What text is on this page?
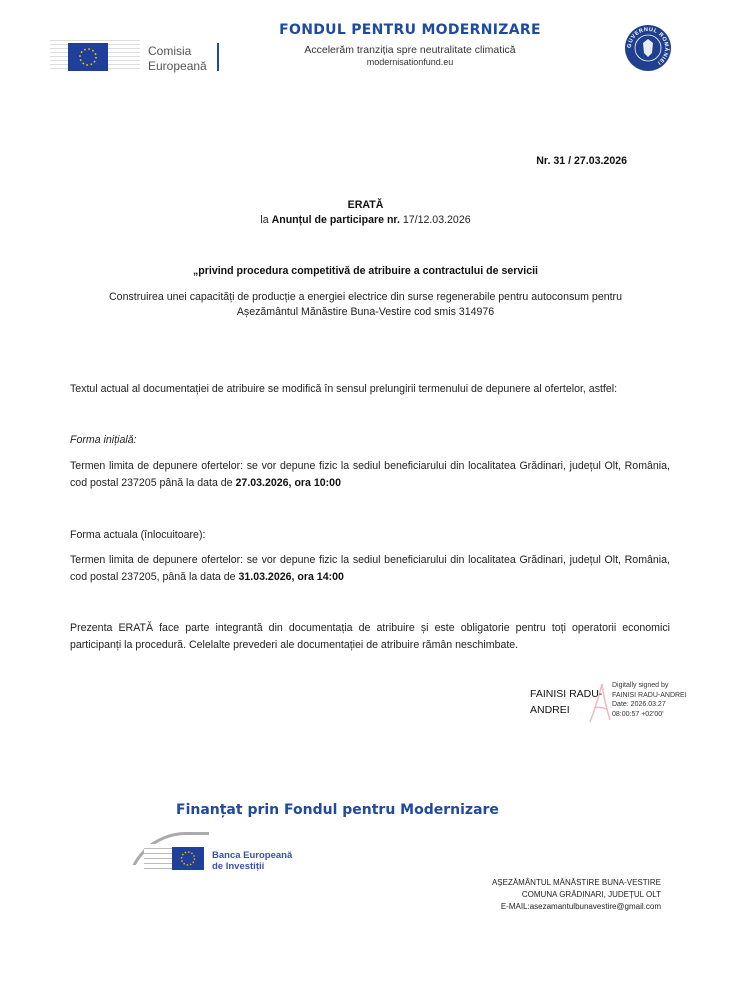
Comisia
Europeană
FONDUL PENTRU MODERNIZARE
Accelerăm tranziția spre neutralitate climatică
modernisationfund.eu
GUVERNUL ROMÂNIEI
Nr. 31 / 27.03.2026
ERATĂ
la Anunțul de participare nr. 17/12.03.2026
„privind procedura competitivă de atribuire a contractului de servicii
Construirea unei capacități de producție a energiei electrice din surse regenerabile pentru autoconsum pentru
Așezământul Mănăstire Buna-Vestire cod smis 314976
Textul actual al documentației de atribuire se modifică în sensul prelungirii termenului de depunere al ofertelor, astfel:
Forma inițială:
Termen limita de depunere ofertelor: se vor depune fizic la sediul beneficiarului din localitatea Grădinari, județul Olt, România, cod postal 237205 până la data de 27.03.2026, ora 10:00
Forma actuala (înlocuitoare):
Termen limita de depunere ofertelor: se vor depune fizic la sediul beneficiarului din localitatea Grădinari, județul Olt, România, cod postal 237205, până la data de 31.03.2026, ora 14:00
Prezenta ERATĂ face parte integrantă din documentația de atribuire și este obligatorie pentru toți operatorii economici participanți la procedură. Celelalte prevederi ale documentației de atribuire rămân neschimbate.
FAINISI RADU-
ANDREI
Digitally signed by
FAINISI RADU-ANDREI
Date: 2026.03.27
08:00:57 +02'00'
Finanțat prin Fondul pentru Modernizare
Banca Europeană
de Investiții
AȘEZĂMÂNTUL MĂNĂSTIRE BUNA-VESTIRE
COMUNA GRĂDINARI, JUDEȚUL OLT
E-MAIL:asezamantulbunavestire@gmail.com
